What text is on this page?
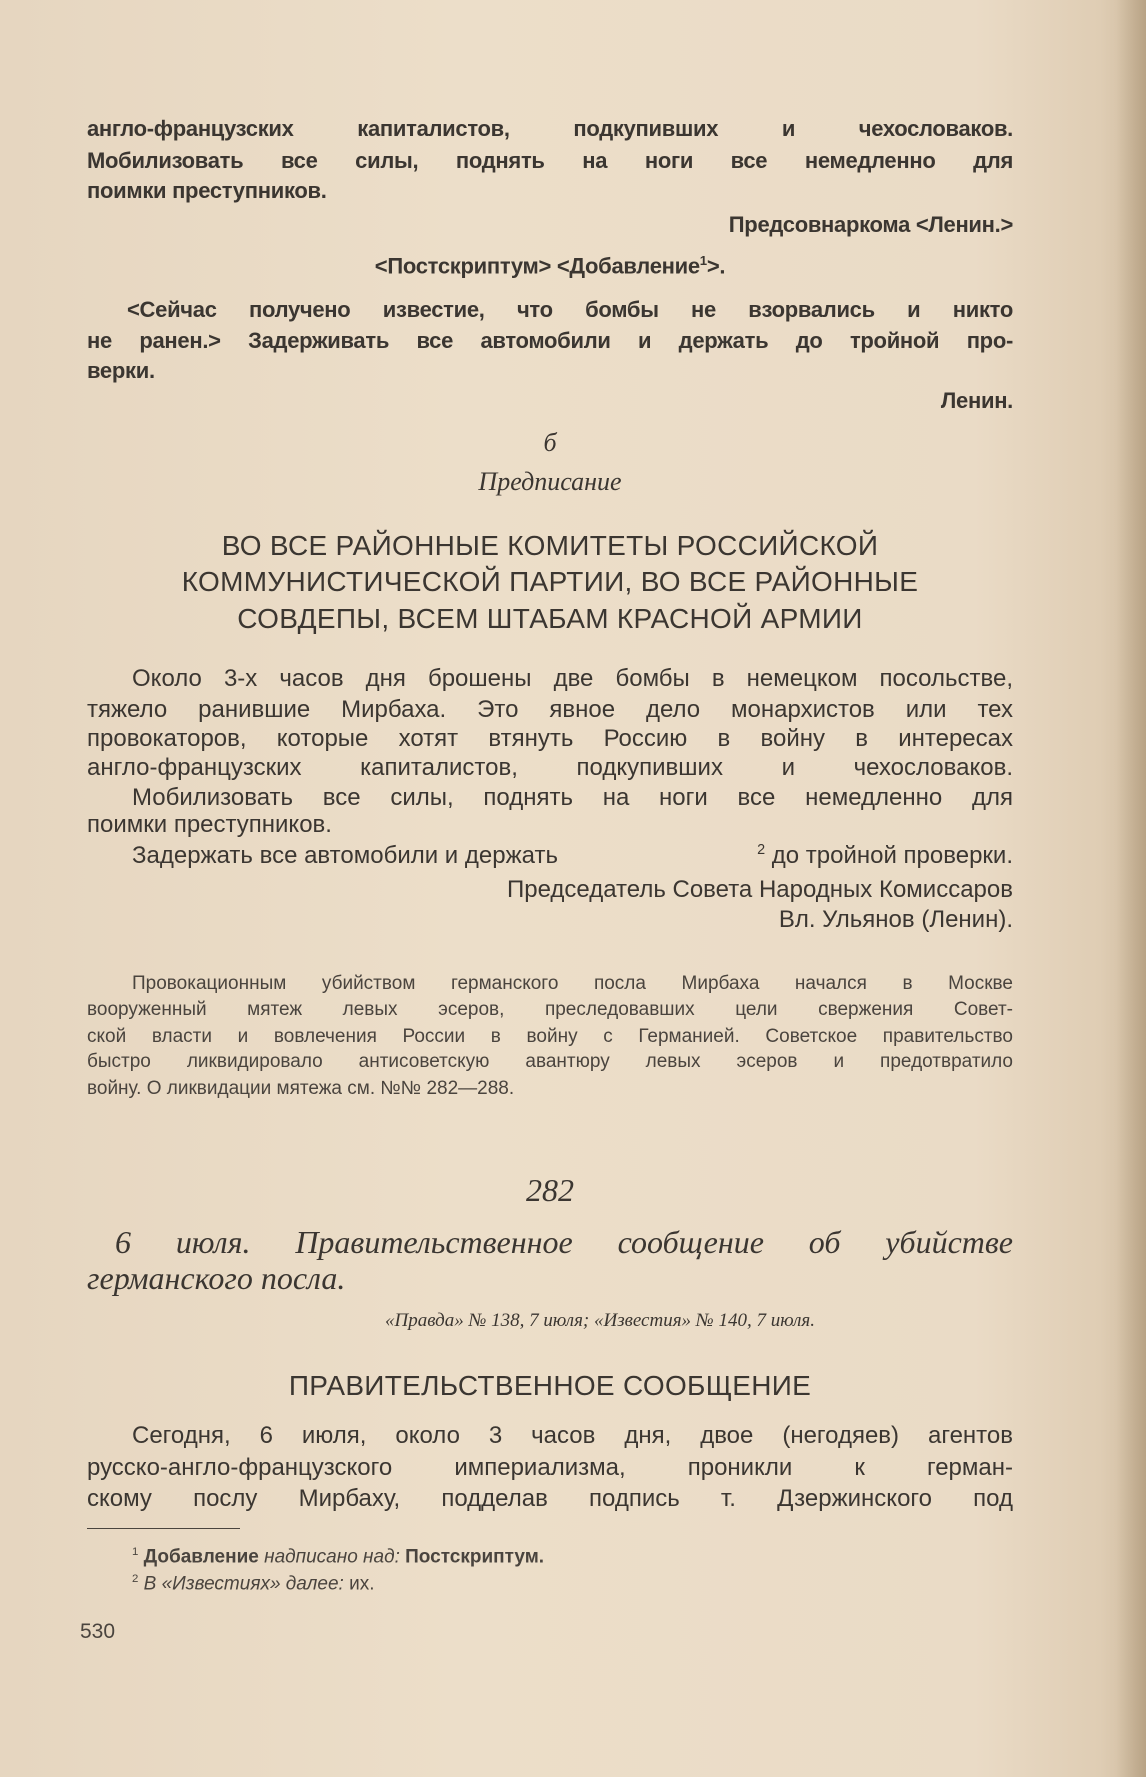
англо-французских капиталистов, подкупивших и чехословаков.
Мобилизовать все силы, поднять на ноги все немедленно для
поимки преступников.
Предсовнаркома <Ленин.>
<Постскриптум> <Добавление$^1$>.
<Сейчас получено известие, что бомбы не взорвались и никто
не ранен.> Задерживать все автомобили и держать до тройной про-
верки.
Ленин.
б
Предписание
ВО ВСЕ РАЙОННЫЕ КОМИТЕТЫ РОССИЙСКОЙ
КОММУНИСТИЧЕСКОЙ ПАРТИИ, ВО ВСЕ РАЙОННЫЕ
СОВДЕПЫ, ВСЕМ ШТАБАМ КРАСНОЙ АРМИИ
Около 3-х часов дня брошены две бомбы в немецком посольстве,
тяжело ранившие Мирбаха. Это явное дело монархистов или тех
провокаторов, которые хотят втянуть Россию в войну в интересах
англо-французских капиталистов, подкупивших и чехословаков.
Мобилизовать все силы, поднять на ноги все немедленно для
поимки преступников.
Задержать все автомобили и держать	$^2$ до тройной проверки.
Председатель Совета Народных Комиссаров
Вл. Ульянов (Ленин).
Провокационным убийством германского посла Мирбаха начался в Москве
вооруженный мятеж левых эсеров, преследовавших цели свержения Совет-
ской власти и вовлечения России в войну с Германией. Советское правительство
быстро ликвидировало антисоветскую авантюру левых эсеров и предотвратило
войну. О ликвидации мятежа см. №№ 282—288.
282
6 июля. Правительственное сообщение об убийстве
германского посла.
«Правда» № 138, 7 июля; «Известия» № 140, 7 июля.
ПРАВИТЕЛЬСТВЕННОЕ СООБЩЕНИЕ
Сегодня, 6 июля, около 3 часов дня, двое (негодяев) агентов
русско-англо-французского империализма, проникли к герман-
скому послу Мирбаху, подделав подпись т. Дзержинского под
$^1$ Добавление надписано над: Постскриптум.
$^2$ В «Известиях» далее: их.
530
